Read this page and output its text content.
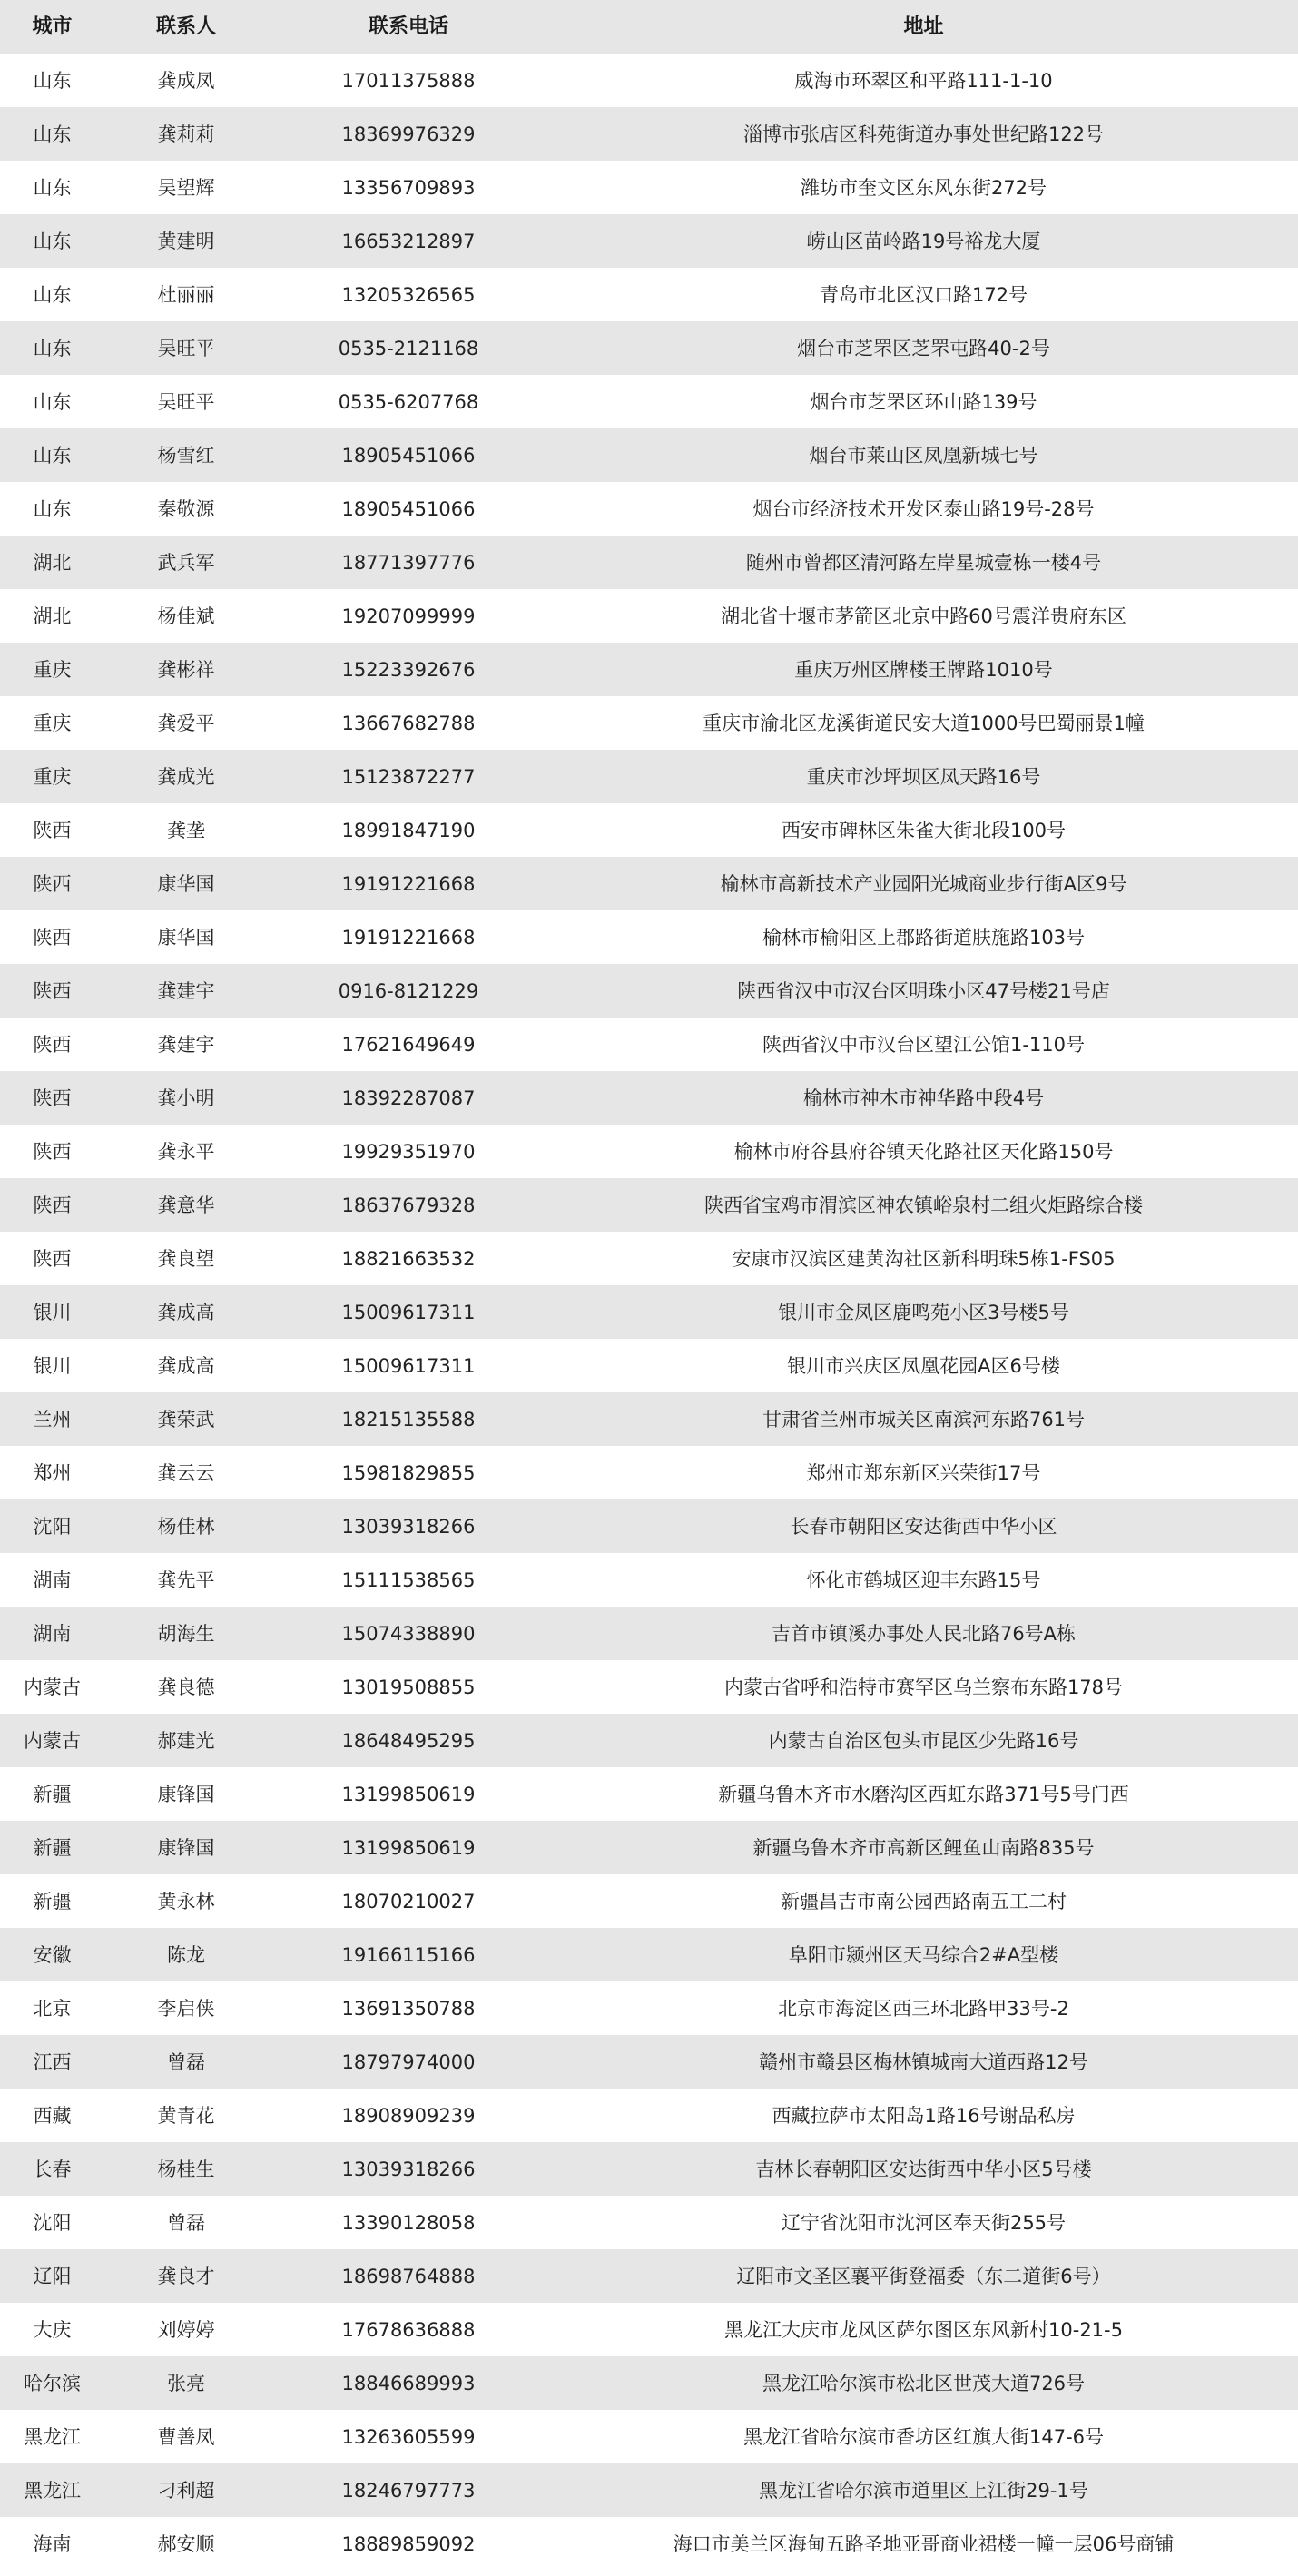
城市	联系人	联系电话	地址
山东	龚成凤	17011375888	威海市环翠区和平路111-1-10
山东	龚莉莉	18369976329	淄博市张店区科苑街道办事处世纪路122号
山东	吴望辉	13356709893	潍坊市奎文区东风东街272号
山东	黄建明	16653212897	崂山区苗岭路19号裕龙大厦
山东	杜丽丽	13205326565	青岛市北区汉口路172号
山东	吴旺平	0535-2121168	烟台市芝罘区芝罘屯路40-2号
山东	吴旺平	0535-6207768	烟台市芝罘区环山路139号
山东	杨雪红	18905451066	烟台市莱山区凤凰新城七号
山东	秦敬源	18905451066	烟台市经济技术开发区泰山路19号-28号
湖北	武兵军	18771397776	随州市曾都区清河路左岸星城壹栋一楼4号
湖北	杨佳斌	19207099999	湖北省十堰市茅箭区北京中路60号震洋贵府东区
重庆	龚彬祥	15223392676	重庆万州区牌楼王牌路1010号
重庆	龚爱平	13667682788	重庆市渝北区龙溪街道民安大道1000号巴蜀丽景1幢
重庆	龚成光	15123872277	重庆市沙坪坝区凤天路16号
陕西	龚垄	18991847190	西安市碑林区朱雀大街北段100号
陕西	康华国	19191221668	榆林市高新技术产业园阳光城商业步行街A区9号
陕西	康华国	19191221668	榆林市榆阳区上郡路街道肤施路103号
陕西	龚建宇	0916-8121229	陕西省汉中市汉台区明珠小区47号楼21号店
陕西	龚建宇	17621649649	陕西省汉中市汉台区望江公馆1-110号
陕西	龚小明	18392287087	榆林市神木市神华路中段4号
陕西	龚永平	19929351970	榆林市府谷县府谷镇天化路社区天化路150号
陕西	龚意华	18637679328	陕西省宝鸡市渭滨区神农镇峪泉村二组火炬路综合楼
陕西	龚良望	18821663532	安康市汉滨区建黄沟社区新科明珠5栋1-FS05
银川	龚成高	15009617311	银川市金凤区鹿鸣苑小区3号楼5号
银川	龚成高	15009617311	银川市兴庆区凤凰花园A区6号楼
兰州	龚荣武	18215135588	甘肃省兰州市城关区南滨河东路761号
郑州	龚云云	15981829855	郑州市郑东新区兴荣街17号
沈阳	杨佳林	13039318266	长春市朝阳区安达街西中华小区
湖南	龚先平	15111538565	怀化市鹤城区迎丰东路15号
湖南	胡海生	15074338890	吉首市镇溪办事处人民北路76号A栋
内蒙古	龚良德	13019508855	内蒙古省呼和浩特市赛罕区乌兰察布东路178号
内蒙古	郝建光	18648495295	内蒙古自治区包头市昆区少先路16号
新疆	康锋国	13199850619	新疆乌鲁木齐市水磨沟区西虹东路371号5号门西
新疆	康锋国	13199850619	新疆乌鲁木齐市高新区鲤鱼山南路835号
新疆	黄永林	18070210027	新疆昌吉市南公园西路南五工二村
安徽	陈龙	19166115166	阜阳市颍州区天马综合2#A型楼
北京	李启侠	13691350788	北京市海淀区西三环北路甲33号-2
江西	曾磊	18797974000	赣州市赣县区梅林镇城南大道西路12号
西藏	黄青花	18908909239	西藏拉萨市太阳岛1路16号谢品私房
长春	杨桂生	13039318266	吉林长春朝阳区安达街西中华小区5号楼
沈阳	曾磊	13390128058	辽宁省沈阳市沈河区奉天街255号
辽阳	龚良才	18698764888	辽阳市文圣区襄平街登福委（东二道街6号）
大庆	刘婷婷	17678636888	黑龙江大庆市龙凤区萨尔图区东风新村10-21-5
哈尔滨	张亮	18846689993	黑龙江哈尔滨市松北区世茂大道726号
黑龙江	曹善凤	13263605599	黑龙江省哈尔滨市香坊区红旗大街147-6号
黑龙江	刁利超	18246797773	黑龙江省哈尔滨市道里区上江街29-1号
海南	郝安顺	18889859092	海口市美兰区海甸五路圣地亚哥商业裙楼一幢一层06号商铺
